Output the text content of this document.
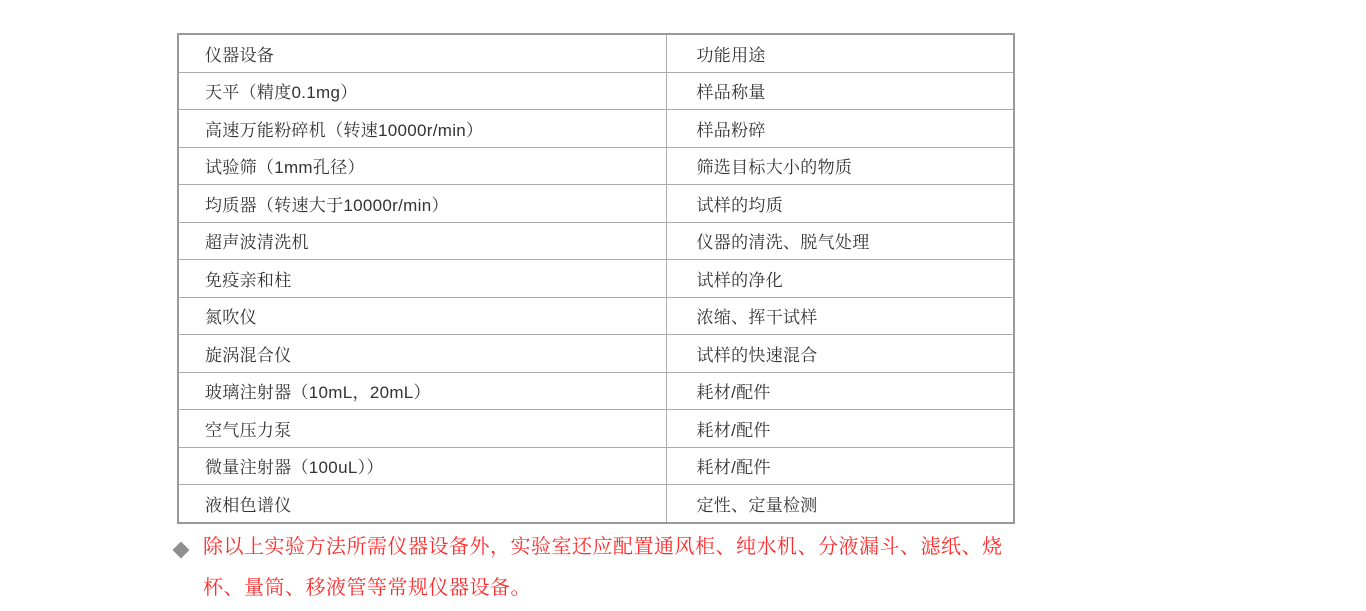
仪器设备	功能用途
天平（精度0.1mg）	样品称量
高速万能粉碎机（转速10000r/min）	样品粉碎
试验筛（1mm孔径）	筛选目标大小的物质
均质器（转速大于10000r/min）	试样的均质
超声波清洗机	仪器的清洗、脱气处理
免疫亲和柱	试样的净化
氮吹仪	浓缩、挥干试样
旋涡混合仪	试样的快速混合
玻璃注射器（10mL，20mL）	耗材/配件
空气压力泵	耗材/配件
微量注射器（100uL））	耗材/配件
液相色谱仪	定性、定量检测
除以上实验方法所需仪器设备外，实验室还应配置通风柜、纯水机、分液漏斗、滤纸、烧
杯、量筒、移液管等常规仪器设备。
